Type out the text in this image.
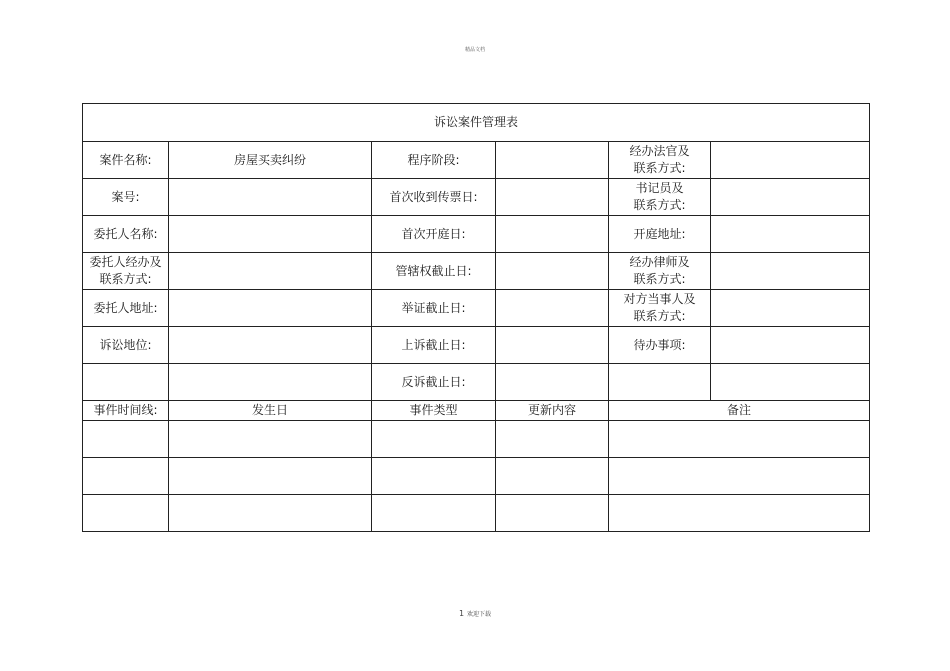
精品文档
诉讼案件管理表					
案件名称:	房屋买卖纠纷	程序阶段:		经办法官及
联系方式:	

案号:		首次收到传票日:		书记员及
联系方式:	

委托人名称:		首次开庭日:		开庭地址:	

委托人经办及
联系方式:		管辖权截止日:		经办律师及
联系方式:	

委托人地址:		举证截止日:		对方当事人及
联系方式:	

诉讼地位:		上诉截止日:		待办事项:	
		反诉截止日:			
事件时间线:	发生日	事件类型	更新内容	备注	

1 欢迎下载
